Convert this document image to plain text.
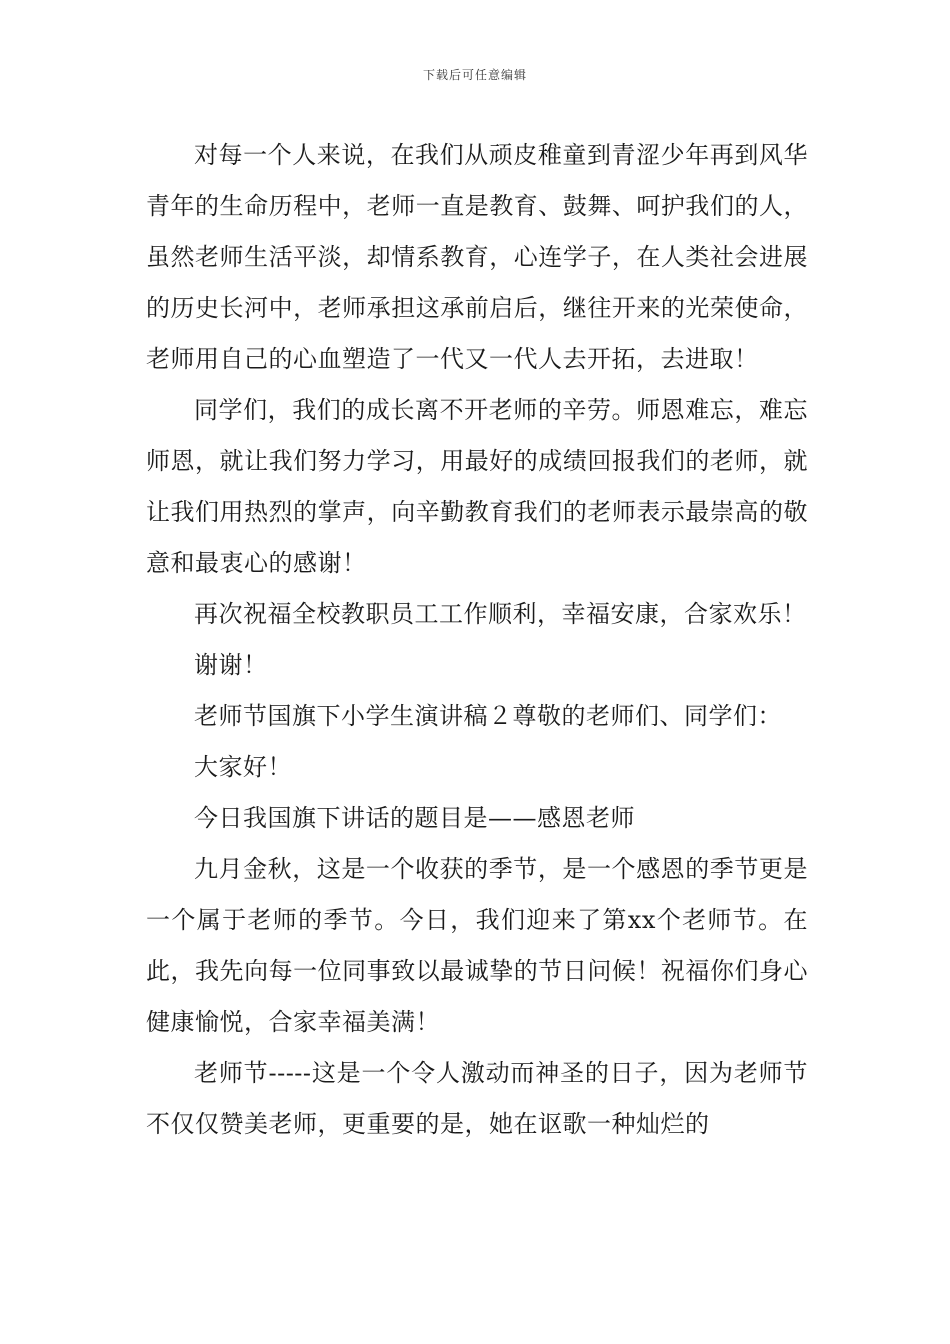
下载后可任意编辑

对每一个人来说，在我们从顽皮稚童到青涩少年再到风华青年的生命历程中，老师一直是教育、鼓舞、呵护我们的人，虽然老师生活平淡，却情系教育，心连学子，在人类社会进展的历史长河中，老师承担这承前启后，继往开来的光荣使命，老师用自己的心血塑造了一代又一代人去开拓，去进取！

同学们，我们的成长离不开老师的辛劳。师恩难忘，难忘师恩，就让我们努力学习，用最好的成绩回报我们的老师，就让我们用热烈的掌声，向辛勤教育我们的老师表示最崇高的敬意和最衷心的感谢！

再次祝福全校教职员工工作顺利，幸福安康，合家欢乐！

谢谢！

老师节国旗下小学生演讲稿２尊敬的老师们、同学们：

大家好！

今日我国旗下讲话的题目是——感恩老师

九月金秋，这是一个收获的季节，是一个感恩的季节更是一个属于老师的季节。今日，我们迎来了第xx个老师节。在此，我先向每一位同事致以最诚挚的节日问候！祝福你们身心健康愉悦，合家幸福美满！

老师节-----这是一个令人激动而神圣的日子，因为老师节不仅仅赞美老师，更重要的是，她在讴歌一种灿烂的
